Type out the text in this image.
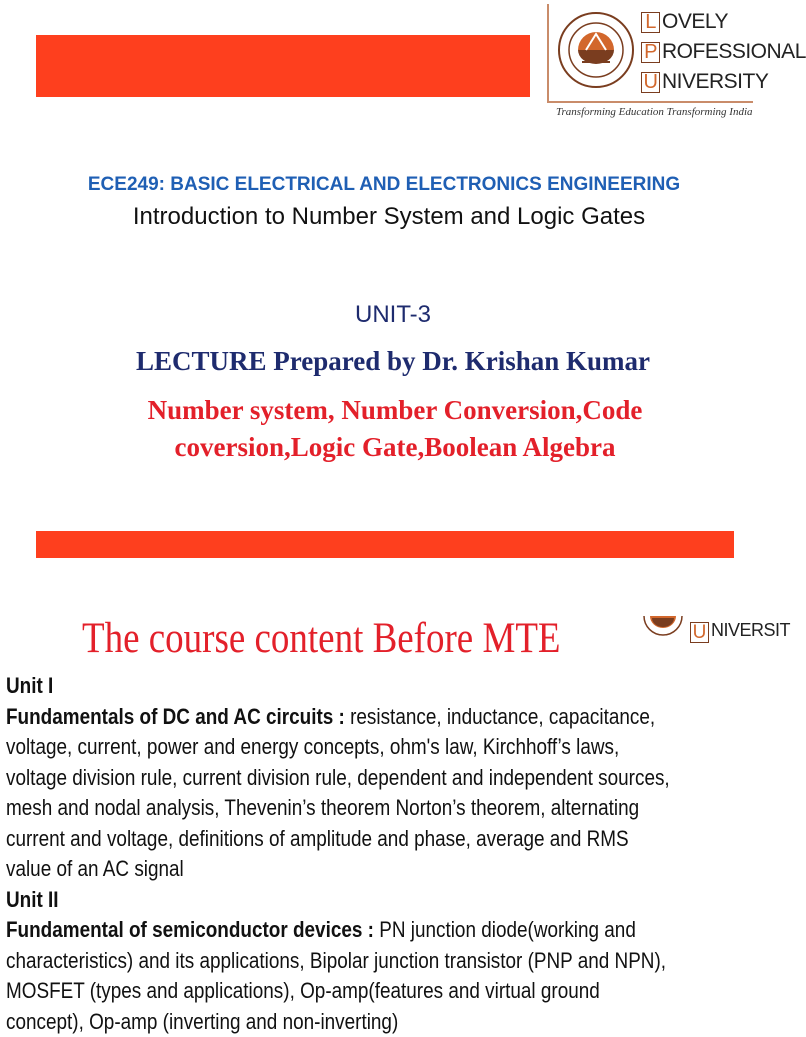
L OVELY
P ROFESSIONAL
U NIVERSITY
Transforming Education Transforming India
ECE249: BASIC ELECTRICAL AND ELECTRONICS ENGINEERING
Introduction to Number System and Logic Gates
UNIT-3
LECTURE Prepared by Dr. Krishan Kumar
Number system, Number Conversion,Code coversion,Logic Gate,Boolean Algebra
The course content Before MTE	U NIVERSIT

Unit I

Fundamentals of DC and AC circuits : resistance, inductance, capacitance, voltage, current, power and energy concepts, ohm's law, Kirchhoff’s laws, voltage division rule, current division rule, dependent and independent sources, mesh and nodal analysis, Thevenin’s theorem Norton’s theorem, alternating current and voltage, definitions of amplitude and phase, average and RMS value of an AC signal

Unit II

Fundamental of semiconductor devices : PN junction diode(working and characteristics) and its applications, Bipolar junction transistor (PNP and NPN), MOSFET (types and applications), Op-amp(features and virtual ground concept), Op-amp (inverting and non-inverting)
